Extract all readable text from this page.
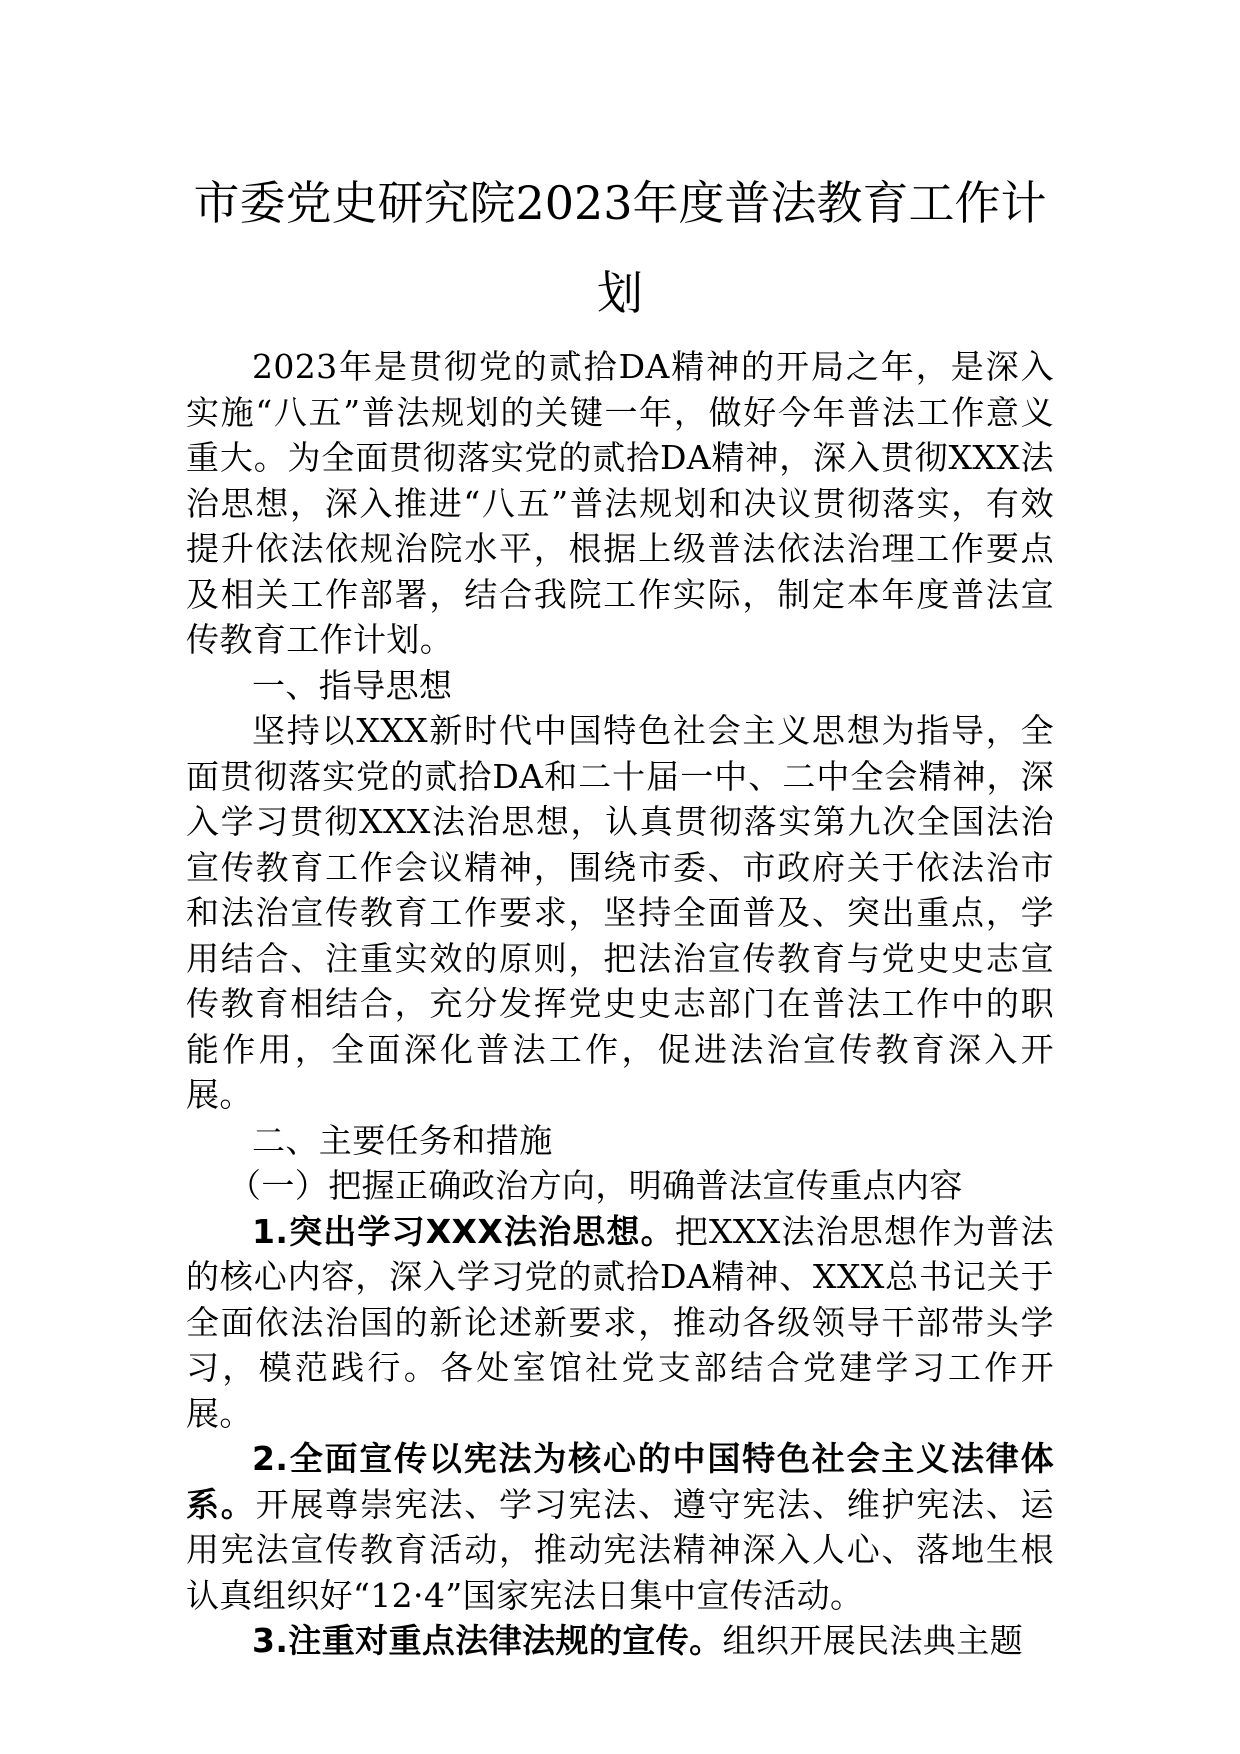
市委党史研究院2023年度普法教育工作计划

2023年是贯彻党的贰拾DA精神的开局之年，是深入实施“八五”普法规划的关键一年，做好今年普法工作意义重大。为全面贯彻落实党的贰拾DA精神，深入贯彻XXX法治思想，深入推进“八五”普法规划和决议贯彻落实，有效提升依法依规治院水平，根据上级普法依法治理工作要点及相关工作部署，结合我院工作实际，制定本年度普法宣传教育工作计划。

一、指导思想

坚持以XXX新时代中国特色社会主义思想为指导，全面贯彻落实党的贰拾DA和二十届一中、二中全会精神，深入学习贯彻XXX法治思想，认真贯彻落实第九次全国法治宣传教育工作会议精神，围绕市委、市政府关于依法治市和法治宣传教育工作要求，坚持全面普及、突出重点，学用结合、注重实效的原则，把法治宣传教育与党史史志宣传教育相结合，充分发挥党史史志部门在普法工作中的职能作用，全面深化普法工作，促进法治宣传教育深入开展。

二、主要任务和措施

（一）把握正确政治方向，明确普法宣传重点内容

1.突出学习XXX法治思想。把XXX法治思想作为普法的核心内容，深入学习党的贰拾DA精神、XXX总书记关于全面依法治国的新论述新要求，推动各级领导干部带头学习，模范践行。各处室馆社党支部结合党建学习工作开展。

2.全面宣传以宪法为核心的中国特色社会主义法律体系。开展尊崇宪法、学习宪法、遵守宪法、维护宪法、运用宪法宣传教育活动，推动宪法精神深入人心、落地生根认真组织好“12·4”国家宪法日集中宣传活动。

3.注重对重点法律法规的宣传。组织开展民法典主题
